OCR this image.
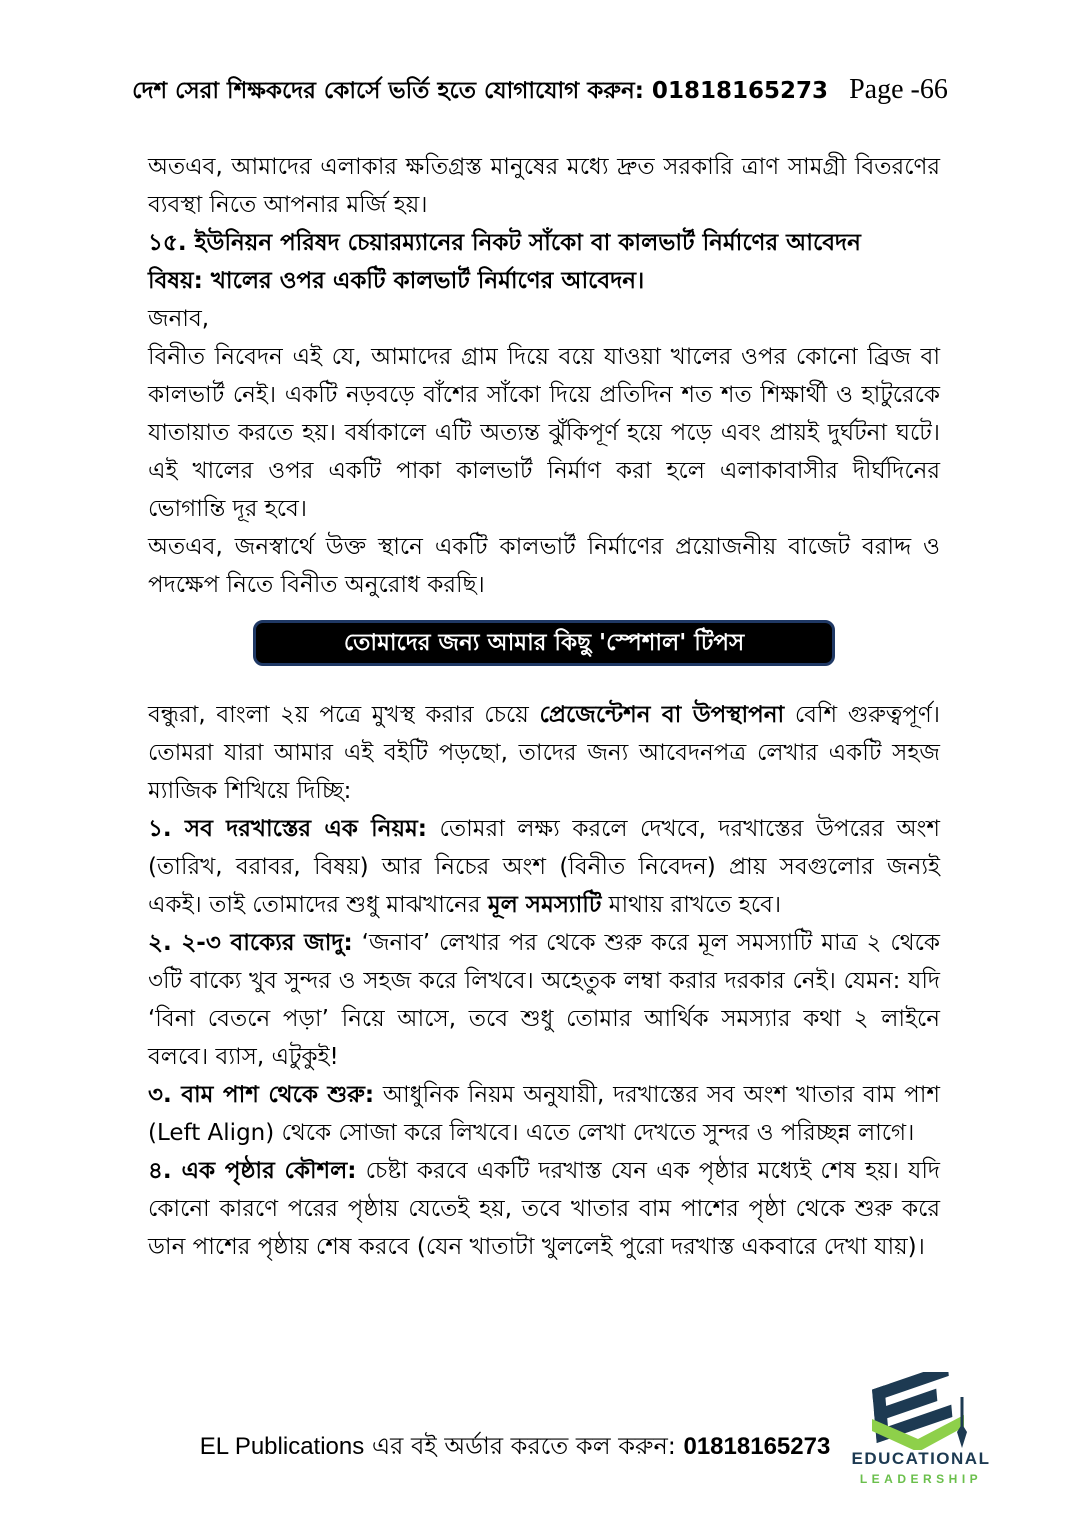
দেশ সেরা শিক্ষকদের কোর্সে ভর্তি হতে যোগাযোগ করুন: 01818165273 Page -66

অতএব, আমাদের এলাকার ক্ষতিগ্রস্ত মানুষের মধ্যে দ্রুত সরকারি ত্রাণ সামগ্রী বিতরণের ব্যবস্থা নিতে আপনার মর্জি হয়।

১৫. ইউনিয়ন পরিষদ চেয়ারম্যানের নিকট সাঁকো বা কালভার্ট নির্মাণের আবেদন

বিষয়: খালের ওপর একটি কালভার্ট নির্মাণের আবেদন।

জনাব,

বিনীত নিবেদন এই যে, আমাদের গ্রাম দিয়ে বয়ে যাওয়া খালের ওপর কোনো ব্রিজ বা কালভার্ট নেই। একটি নড়বড়ে বাঁশের সাঁকো দিয়ে প্রতিদিন শত শত শিক্ষার্থী ও হাটুরেকে যাতায়াত করতে হয়। বর্ষাকালে এটি অত্যন্ত ঝুঁকিপূর্ণ হয়ে পড়ে এবং প্রায়ই দুর্ঘটনা ঘটে। এই খালের ওপর একটি পাকা কালভার্ট নির্মাণ করা হলে এলাকাবাসীর দীর্ঘদিনের ভোগান্তি দূর হবে।

অতএব, জনস্বার্থে উক্ত স্থানে একটি কালভার্ট নির্মাণের প্রয়োজনীয় বাজেট বরাদ্দ ও পদক্ষেপ নিতে বিনীত অনুরোধ করছি।

তোমাদের জন্য আমার কিছু 'স্পেশাল' টিপস

বন্ধুরা, বাংলা ২য় পত্রে মুখস্থ করার চেয়ে প্রেজেন্টেশন বা উপস্থাপনা বেশি গুরুত্বপূর্ণ। তোমরা যারা আমার এই বইটি পড়ছো, তাদের জন্য আবেদনপত্র লেখার একটি সহজ ম্যাজিক শিখিয়ে দিচ্ছি:

১. সব দরখাস্তের এক নিয়ম: তোমরা লক্ষ্য করলে দেখবে, দরখাস্তের উপরের অংশ (তারিখ, বরাবর, বিষয়) আর নিচের অংশ (বিনীত নিবেদন) প্রায় সবগুলোর জন্যই একই। তাই তোমাদের শুধু মাঝখানের মূল সমস্যাটি মাথায় রাখতে হবে।

২. ২-৩ বাক্যের জাদু: ‘জনাব’ লেখার পর থেকে শুরু করে মূল সমস্যাটি মাত্র ২ থেকে ৩টি বাক্যে খুব সুন্দর ও সহজ করে লিখবে। অহেতুক লম্বা করার দরকার নেই। যেমন: যদি ‘বিনা বেতনে পড়া’ নিয়ে আসে, তবে শুধু তোমার আর্থিক সমস্যার কথা ২ লাইনে বলবে। ব্যাস, এটুকুই!

৩. বাম পাশ থেকে শুরু: আধুনিক নিয়ম অনুযায়ী, দরখাস্তের সব অংশ খাতার বাম পাশ (Left Align) থেকে সোজা করে লিখবে। এতে লেখা দেখতে সুন্দর ও পরিচ্ছন্ন লাগে।

৪. এক পৃষ্ঠার কৌশল: চেষ্টা করবে একটি দরখাস্ত যেন এক পৃষ্ঠার মধ্যেই শেষ হয়। যদি কোনো কারণে পরের পৃষ্ঠায় যেতেই হয়, তবে খাতার বাম পাশের পৃষ্ঠা থেকে শুরু করে ডান পাশের পৃষ্ঠায় শেষ করবে (যেন খাতাটা খুললেই পুরো দরখাস্ত একবারে দেখা যায়)।

EL Publications এর বই অর্ডার করতে কল করুন: 01818165273	EDUCATIONAL
LEADERSHIP
